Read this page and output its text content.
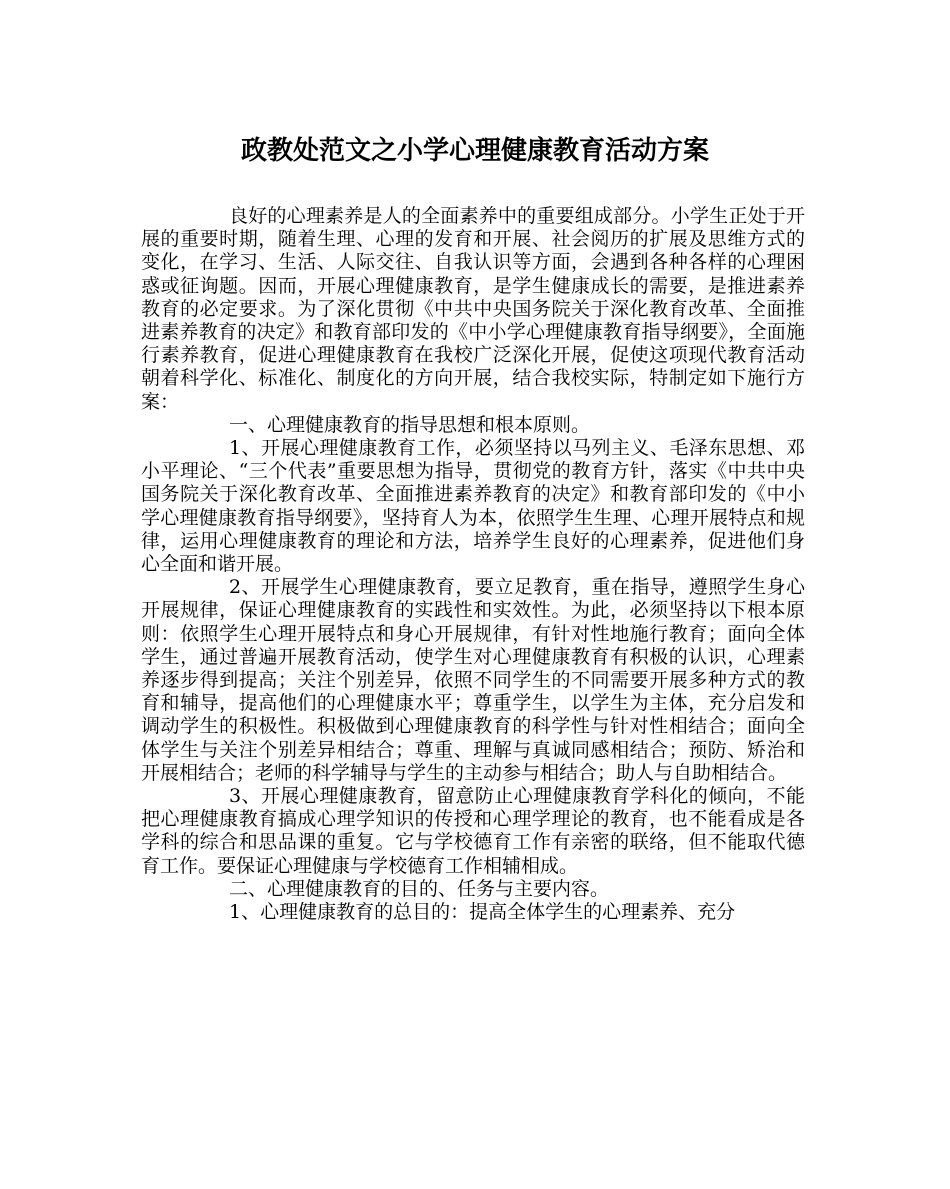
政教处范文之小学心理健康教育活动方案

良好的心理素养是人的全面素养中的重要组成部分。小学生正处于开展的重要时期，随着生理、心理的发育和开展、社会阅历的扩展及思维方式的变化，在学习、生活、人际交往、自我认识等方面，会遇到各种各样的心理困惑或征询题。因而，开展心理健康教育，是学生健康成长的需要，是推进素养教育的必定要求。为了深化贯彻《中共中央国务院关于深化教育改革、全面推进素养教育的决定》和教育部印发的《中小学心理健康教育指导纲要》，全面施行素养教育，促进心理健康教育在我校广泛深化开展，促使这项现代教育活动朝着科学化、标准化、制度化的方向开展，结合我校实际，特制定如下施行方案：

一、心理健康教育的指导思想和根本原则。

1、开展心理健康教育工作，必须坚持以马列主义、毛泽东思想、邓小平理论、“三个代表”重要思想为指导，贯彻党的教育方针，落实《中共中央国务院关于深化教育改革、全面推进素养教育的决定》和教育部印发的《中小学心理健康教育指导纲要》，坚持育人为本，依照学生生理、心理开展特点和规律，运用心理健康教育的理论和方法，培养学生良好的心理素养，促进他们身心全面和谐开展。

2、开展学生心理健康教育，要立足教育，重在指导，遵照学生身心开展规律，保证心理健康教育的实践性和实效性。为此，必须坚持以下根本原则：依照学生心理开展特点和身心开展规律，有针对性地施行教育；面向全体学生，通过普遍开展教育活动，使学生对心理健康教育有积极的认识，心理素养逐步得到提高；关注个别差异，依照不同学生的不同需要开展多种方式的教育和辅导，提高他们的心理健康水平；尊重学生，以学生为主体，充分启发和调动学生的积极性。积极做到心理健康教育的科学性与针对性相结合；面向全体学生与关注个别差异相结合；尊重、理解与真诚同感相结合；预防、矫治和开展相结合；老师的科学辅导与学生的主动参与相结合；助人与自助相结合。

3、开展心理健康教育，留意防止心理健康教育学科化的倾向，不能把心理健康教育搞成心理学知识的传授和心理学理论的教育，也不能看成是各学科的综合和思品课的重复。它与学校德育工作有亲密的联络，但不能取代德育工作。要保证心理健康与学校德育工作相辅相成。

二、心理健康教育的目的、任务与主要内容。

1、心理健康教育的总目的：提高全体学生的心理素养、充分
